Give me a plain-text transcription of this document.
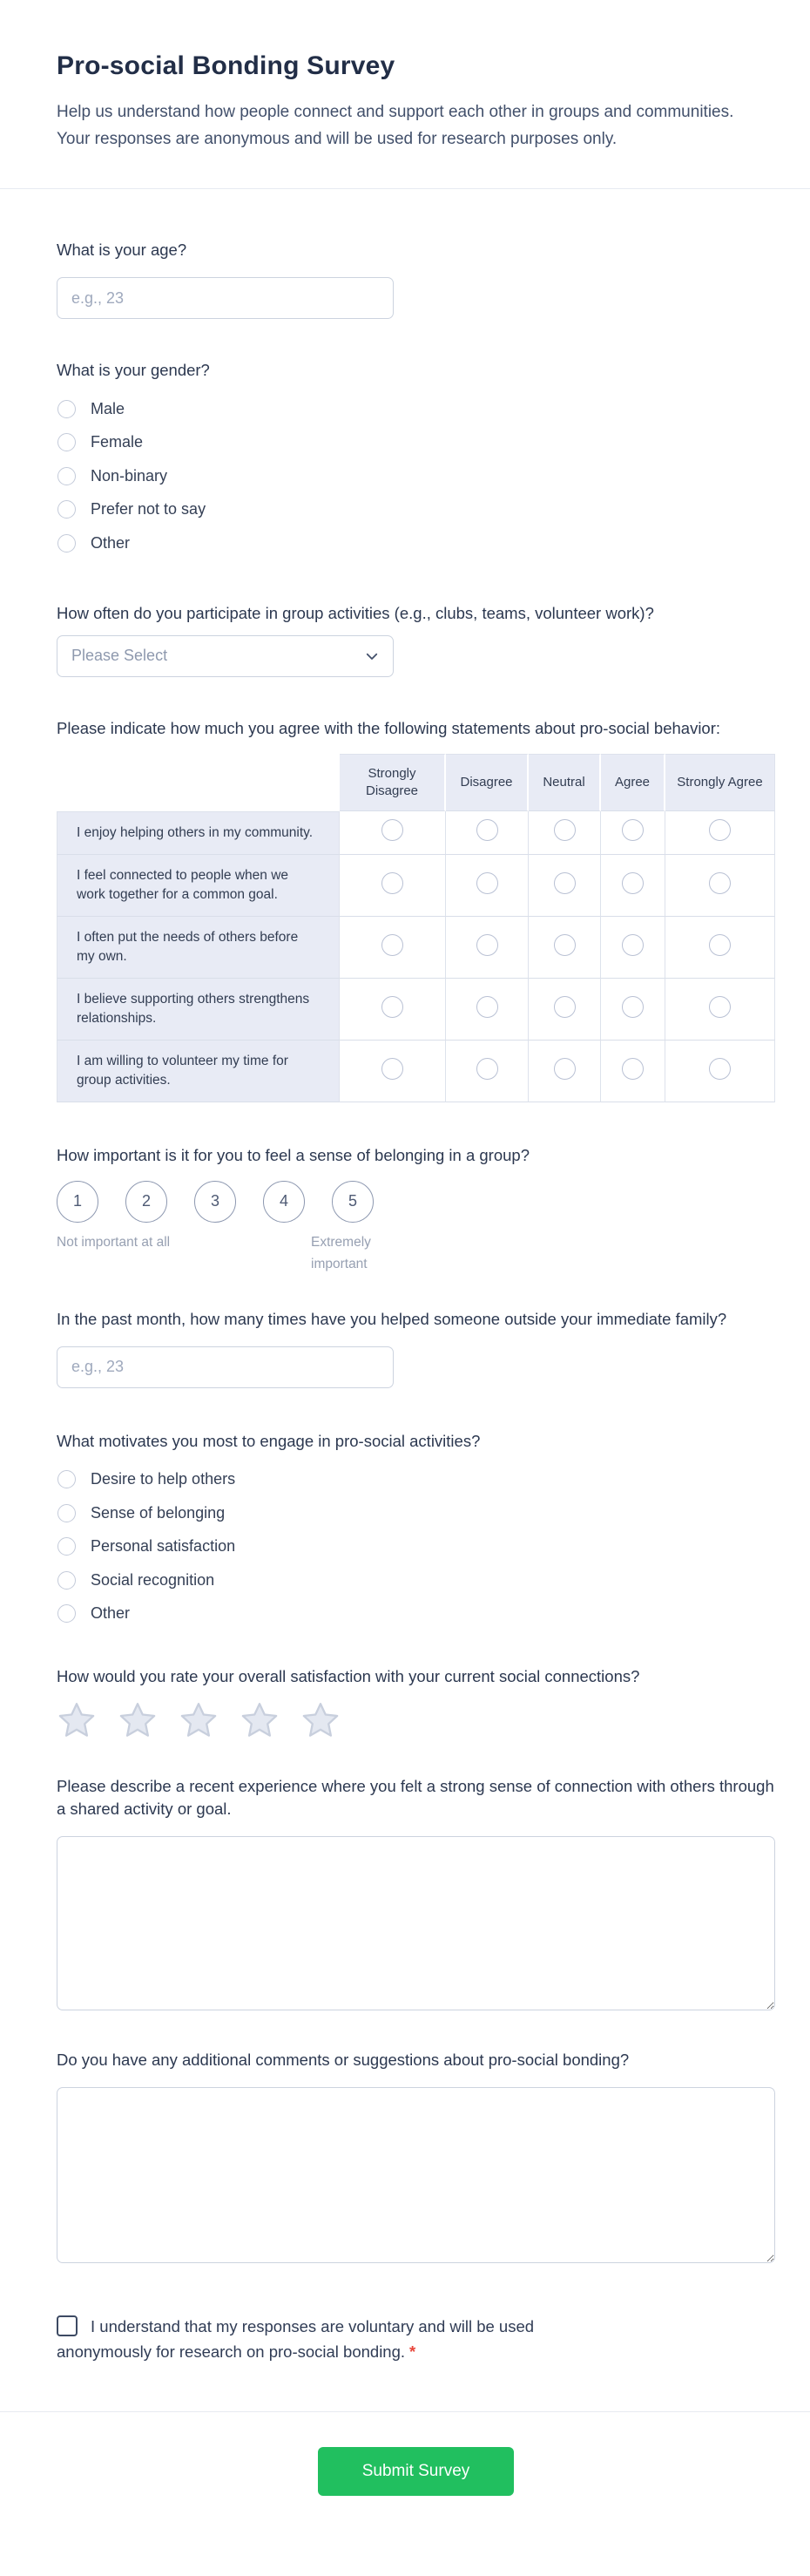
Pro-social Bonding Survey

Help us understand how people connect and support each other in groups and communities. Your responses are anonymous and will be used for research purposes only.

What is your age?
e.g., 23
What is your gender?
Male
Female
Non-binary
Prefer not to say
Other
How often do you participate in group activities (e.g., clubs, teams, volunteer work)?
Please Select
Please indicate how much you agree with the following statements about pro-social behavior:
	Strongly Disagree	Disagree	Neutral	Agree	Strongly Agree
I enjoy helping others in my community.					
I feel connected to people when we work together for a common goal.					
I often put the needs of others before my own.					
I believe supporting others strengthens relationships.					
I am willing to volunteer my time for group activities.					
How important is it for you to feel a sense of belonging in a group?
1	2	3	4	5
Not important at all	Extremely important
In the past month, how many times have you helped someone outside your immediate family?
e.g., 23
What motivates you most to engage in pro-social activities?
Desire to help others
Sense of belonging
Personal satisfaction
Social recognition
Other
How would you rate your overall satisfaction with your current social connections?
Please describe a recent experience where you felt a strong sense of connection with others through a shared activity or goal.
Do you have any additional comments or suggestions about pro-social bonding?
I understand that my responses are voluntary and will be used anonymously for research on pro-social bonding. *
Submit Survey
